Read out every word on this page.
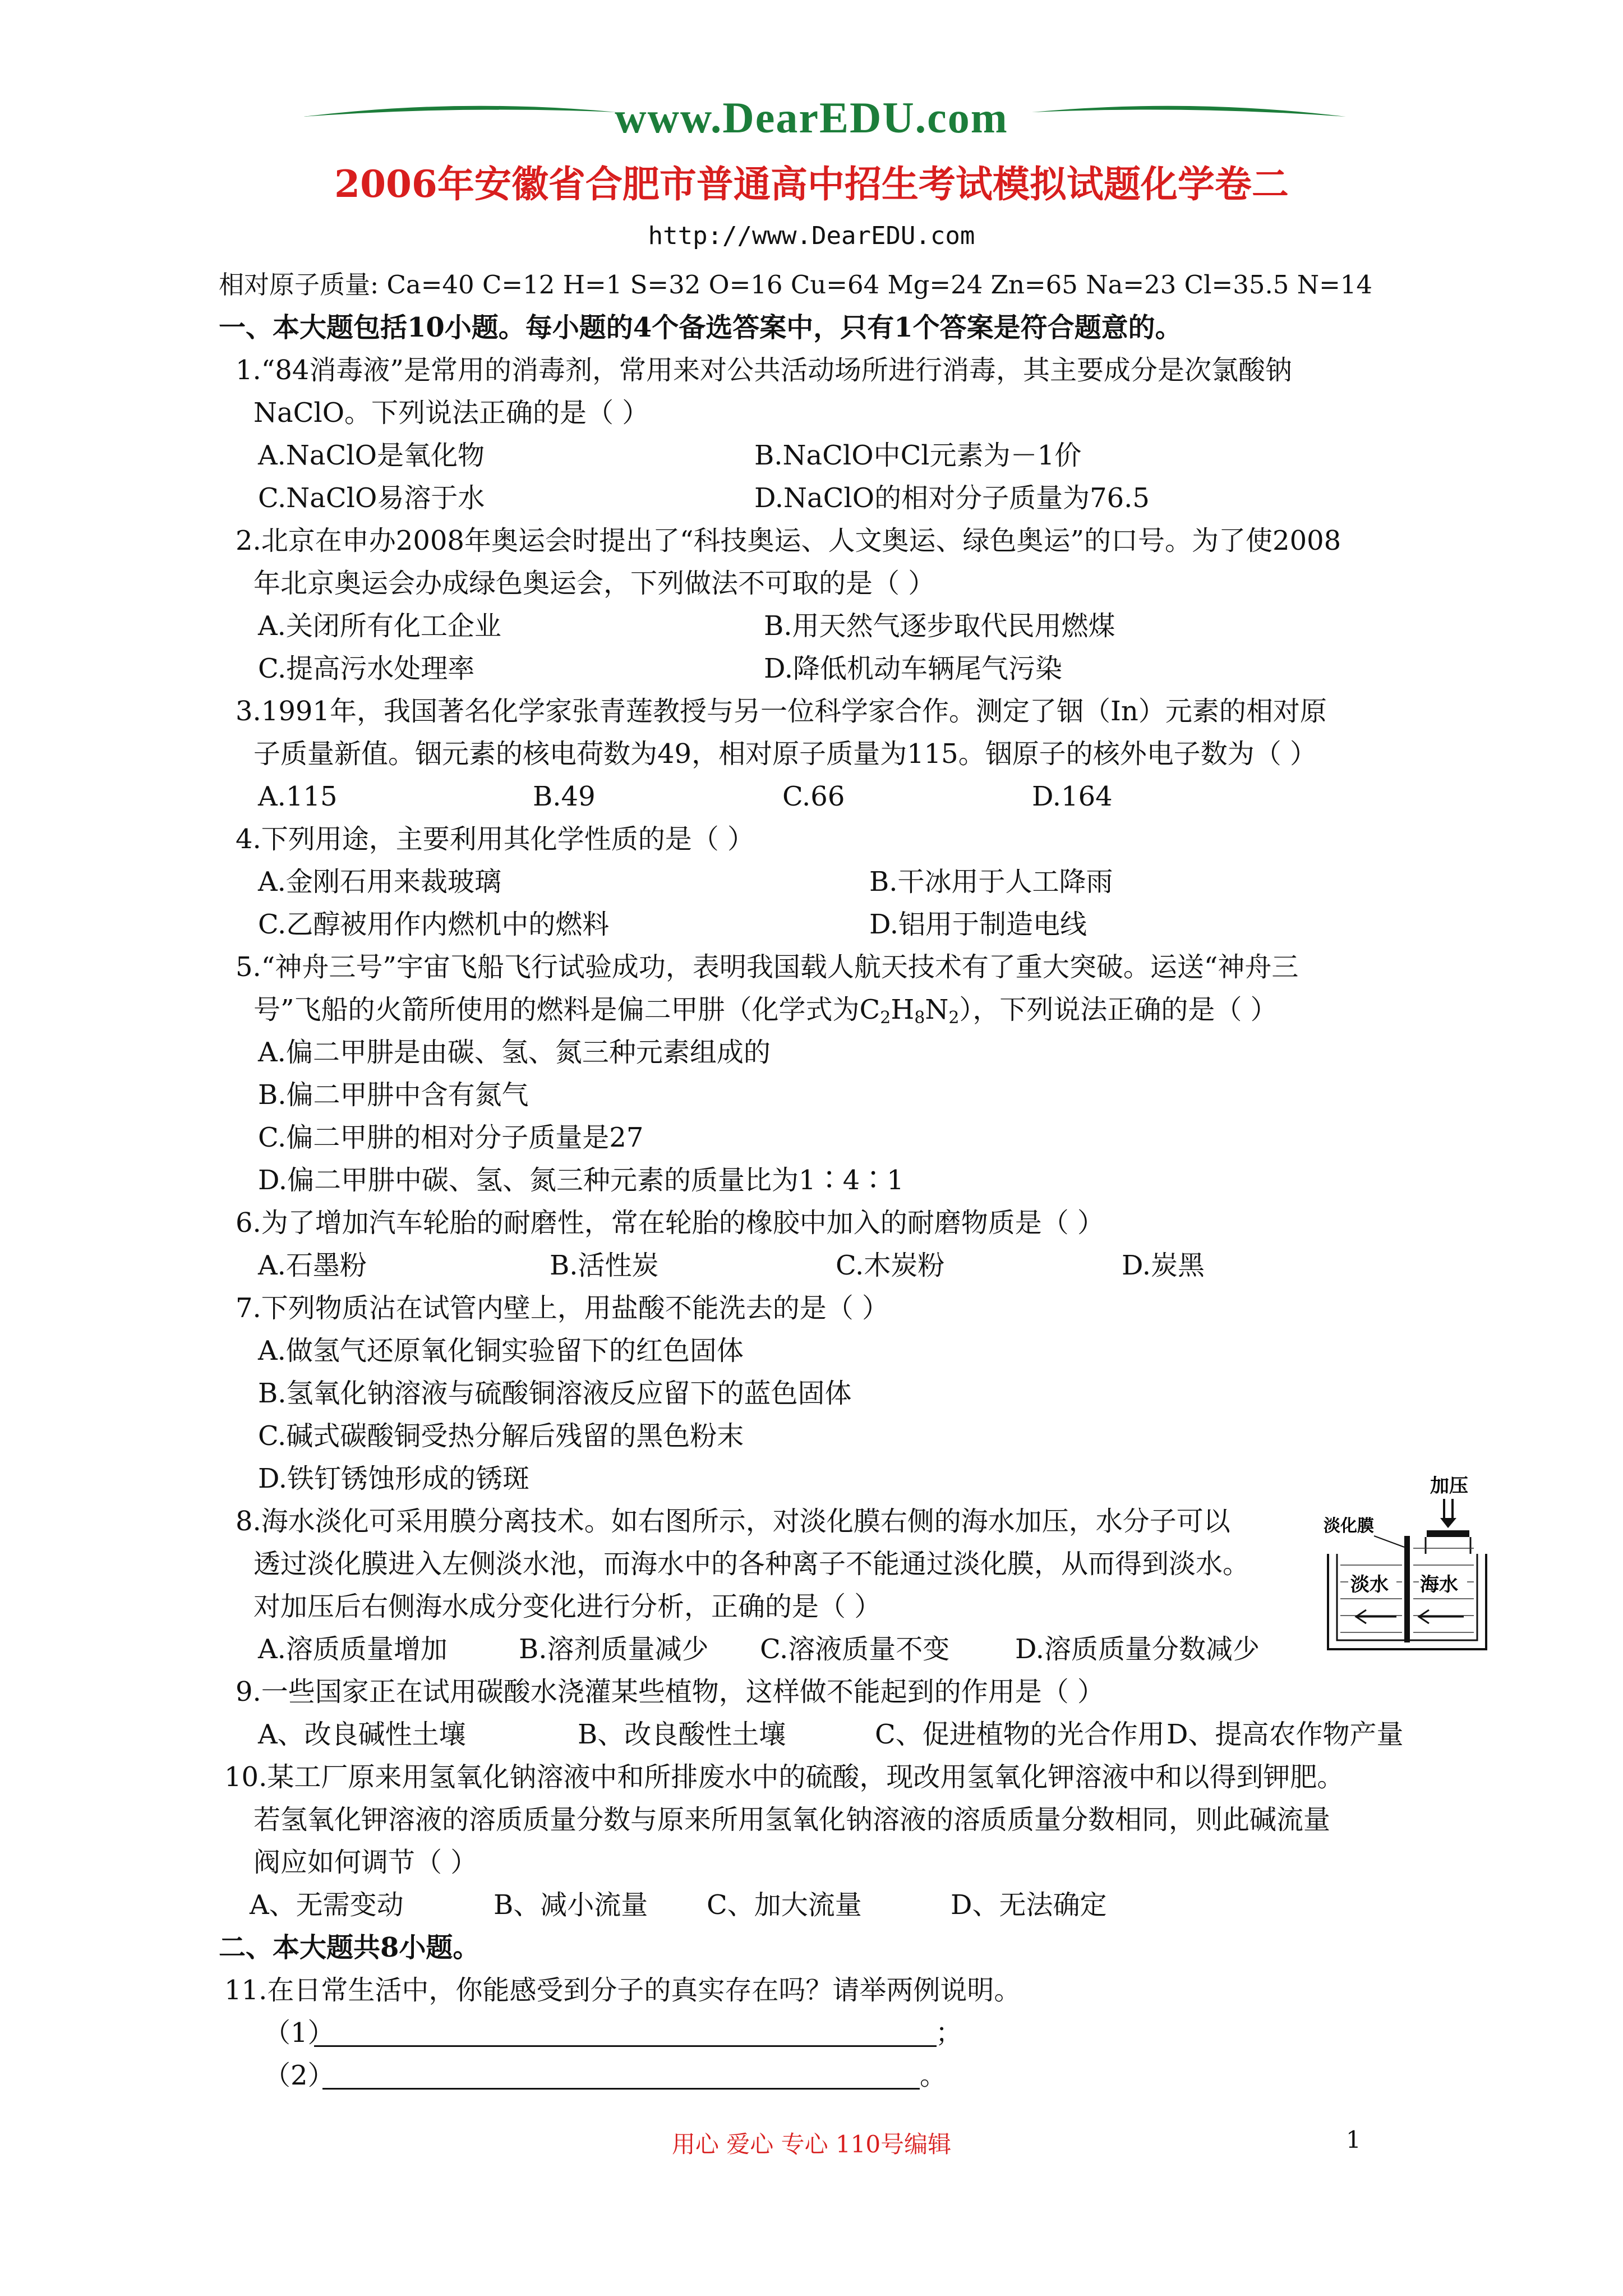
www.DearEDU.com
2006年安徽省合肥市普通高中招生考试模拟试题化学卷二
http://www.DearEDU.com
相对原子质量: Ca=40 C=12 H=1 S=32 O=16 Cu=64 Mg=24 Zn=65 Na=23 Cl=35.5 N=14
一、本大题包括10小题。每小题的4个备选答案中，只有1个答案是符合题意的。
1.“84消毒液”是常用的消毒剂，常用来对公共活动场所进行消毒，其主要成分是次氯酸钠
NaClO。下列说法正确的是（ ）
A.NaClO是氧化物	B.NaClO中Cl元素为－1价
C.NaClO易溶于水	D.NaClO的相对分子质量为76.5
2.北京在申办2008年奥运会时提出了“科技奥运、人文奥运、绿色奥运”的口号。为了使2008
年北京奥运会办成绿色奥运会，下列做法不可取的是（ ）
A.关闭所有化工企业	B.用天然气逐步取代民用燃煤
C.提高污水处理率	D.降低机动车辆尾气污染
3.1991年，我国著名化学家张青莲教授与另一位科学家合作。测定了铟（In）元素的相对原
子质量新值。铟元素的核电荷数为49，相对原子质量为115。铟原子的核外电子数为（ ）
A.115	B.49	C.66	D.164
4.下列用途，主要利用其化学性质的是（ ）
A.金刚石用来裁玻璃	B.干冰用于人工降雨
C.乙醇被用作内燃机中的燃料	D.铝用于制造电线
5.“神舟三号”宇宙飞船飞行试验成功，表明我国载人航天技术有了重大突破。运送“神舟三
号”飞船的火箭所使用的燃料是偏二甲肼（化学式为$C_2H_8N_2$），下列说法正确的是（ ）
A.偏二甲肼是由碳、氢、氮三种元素组成的
B.偏二甲肼中含有氮气
C.偏二甲肼的相对分子质量是27
D.偏二甲肼中碳、氢、氮三种元素的质量比为1∶4∶1
6.为了增加汽车轮胎的耐磨性，常在轮胎的橡胶中加入的耐磨物质是（ ）
A.石墨粉	B.活性炭	C.木炭粉	D.炭黑
7.下列物质沾在试管内壁上，用盐酸不能洗去的是（ ）
A.做氢气还原氧化铜实验留下的红色固体
B.氢氧化钠溶液与硫酸铜溶液反应留下的蓝色固体
C.碱式碳酸铜受热分解后残留的黑色粉末
D.铁钉锈蚀形成的锈斑
8.海水淡化可采用膜分离技术。如右图所示，对淡化膜右侧的海水加压，水分子可以
透过淡化膜进入左侧淡水池，而海水中的各种离子不能通过淡化膜，从而得到淡水。
对加压后右侧海水成分变化进行分析，正确的是（ ）
A.溶质质量增加	B.溶剂质量减少 C.溶液质量不变 D.溶质质量分数减少
加压
淡化膜
淡水 海水
9.一些国家正在试用碳酸水浇灌某些植物，这样做不能起到的作用是（ ）
A、改良碱性土壤	B、改良酸性土壤	C、促进植物的光合作用 D、提高农作物产量
10.某工厂原来用氢氧化钠溶液中和所排废水中的硫酸，现改用氢氧化钾溶液中和以得到钾肥。
若氢氧化钾溶液的溶质质量分数与原来所用氢氧化钠溶液的溶质质量分数相同，则此碱流量
阀应如何调节（ ）
A、无需变动	B、减小流量 C、加大流量	D、无法确定
二、本大题共8小题。
11.在日常生活中，你能感受到分子的真实存在吗？请举两例说明。
（1）	；
（2）	。
用心 爱心 专心 110号编辑	1
